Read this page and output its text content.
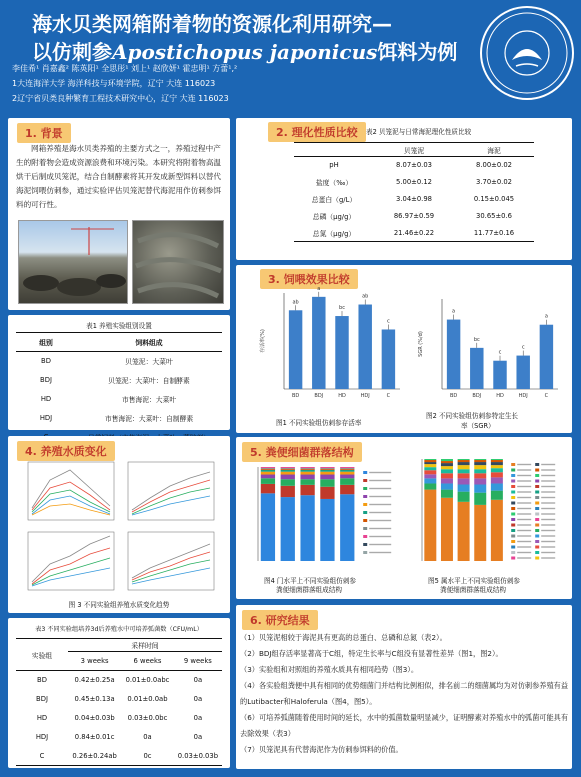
海水贝类网箱附着物的资源化利用研究—
以仿刺参Apostichopus japonicus饵料为例
李佳希¹ 肖嘉鑫² 陈英阳¹ 全思彤¹ 刘上¹ 赵欣妍¹ 霍忠明¹ 方蕾¹,²
1大连海洋大学 海洋科技与环境学院，辽宁 大连 116023
2辽宁省贝类良种繁育工程技术研究中心，辽宁 大连 116023
1. 背景
网箱养殖是海水贝类养殖的主要方式之一，养殖过程中产生的附着物会造成资源浪费和环境污染。本研究将附着物高温烘干后制成贝笼泥，结合自制酵素将其开发成新型饵料以替代海泥饲喂仿刺参，通过实验评估贝笼泥替代海泥用作仿刺参饵料的可行性。
表1 养殖实验组别设置
组别	饲料组成
BD	贝笼泥：大菜叶
BDJ	贝笼泥：大菜叶：自制酵素
HD	市售海泥：大菜叶
HDJ	市售海泥：大菜叶：自制酵素

2. 理化性质比较	表2 贝笼泥与日常海泥理化性质比较
	贝笼泥	海泥
pH	8.07±0.03	8.00±0.02
盐度（‰）	5.00±0.12	3.70±0.02
总蛋白（g/L）	3.04±0.98	0.15±0.045
总磷（μg/g）	86.97±0.59	30.65±0.6
总氮（μg/g）	21.46±0.22	11.77±0.16
3. 饲喂效果比较
存活率(%)
ab
BD
a
BDJ
bc
HD
ab
HDJ
c
C
SGR (%/d)
a
BD
bc
BDJ
c
HD
c
HDJ
a
C
图1 不同实验组仿刺参存活率
图2 不同实验组仿刺参特定生长
率（SGR）
4. 养殖水质变化
图 3 不同实验组养殖水质变化趋势
表3 不同实验组培养3d后养殖水中可培养弧菌数（CFU/mL）
实验组	采样时间		
	3 weeks	6 weeks	9 weeks
BD	0.42±0.25a	0.01±0.0abc	0a
BDJ	0.45±0.13a	0.01±0.0ab	0a
HD	0.04±0.03b	0.03±0.0bc	0a
HDJ	0.84±0.01c	0a	0a
C	0.26±0.24ab	0c	0.03±0.03b
5. 粪便细菌群落结构
图4 门水平上不同实验组仿刺参
粪便细菌群落组成结构
图5 属水平上不同实验组仿刺参
粪便细菌群落组成结构
6. 研究结果
（1）贝笼泥相较于海泥具有更高的总蛋白、总磷和总氮（表2）。
（2）BDJ组存活率显著高于C组，特定生长率与C组没有显著性差异（图1，图2）。
（3）实验组和对照组的养殖水质具有相同趋势（图3）。
（4）各实验组粪便中具有相同的优势细菌门并结构比例相似，排名前二的细菌属均为对仿刺参养殖有益的Lutibacter和Haloferula（图4，图5）。
（6）可培养弧菌随着使用时间的延长，水中的弧菌数量明显减少，证明酵素对养殖水中的弧菌可能具有去除效果（表3）
（7）贝笼泥具有代替海泥作为仿刺参饵料的价值。
